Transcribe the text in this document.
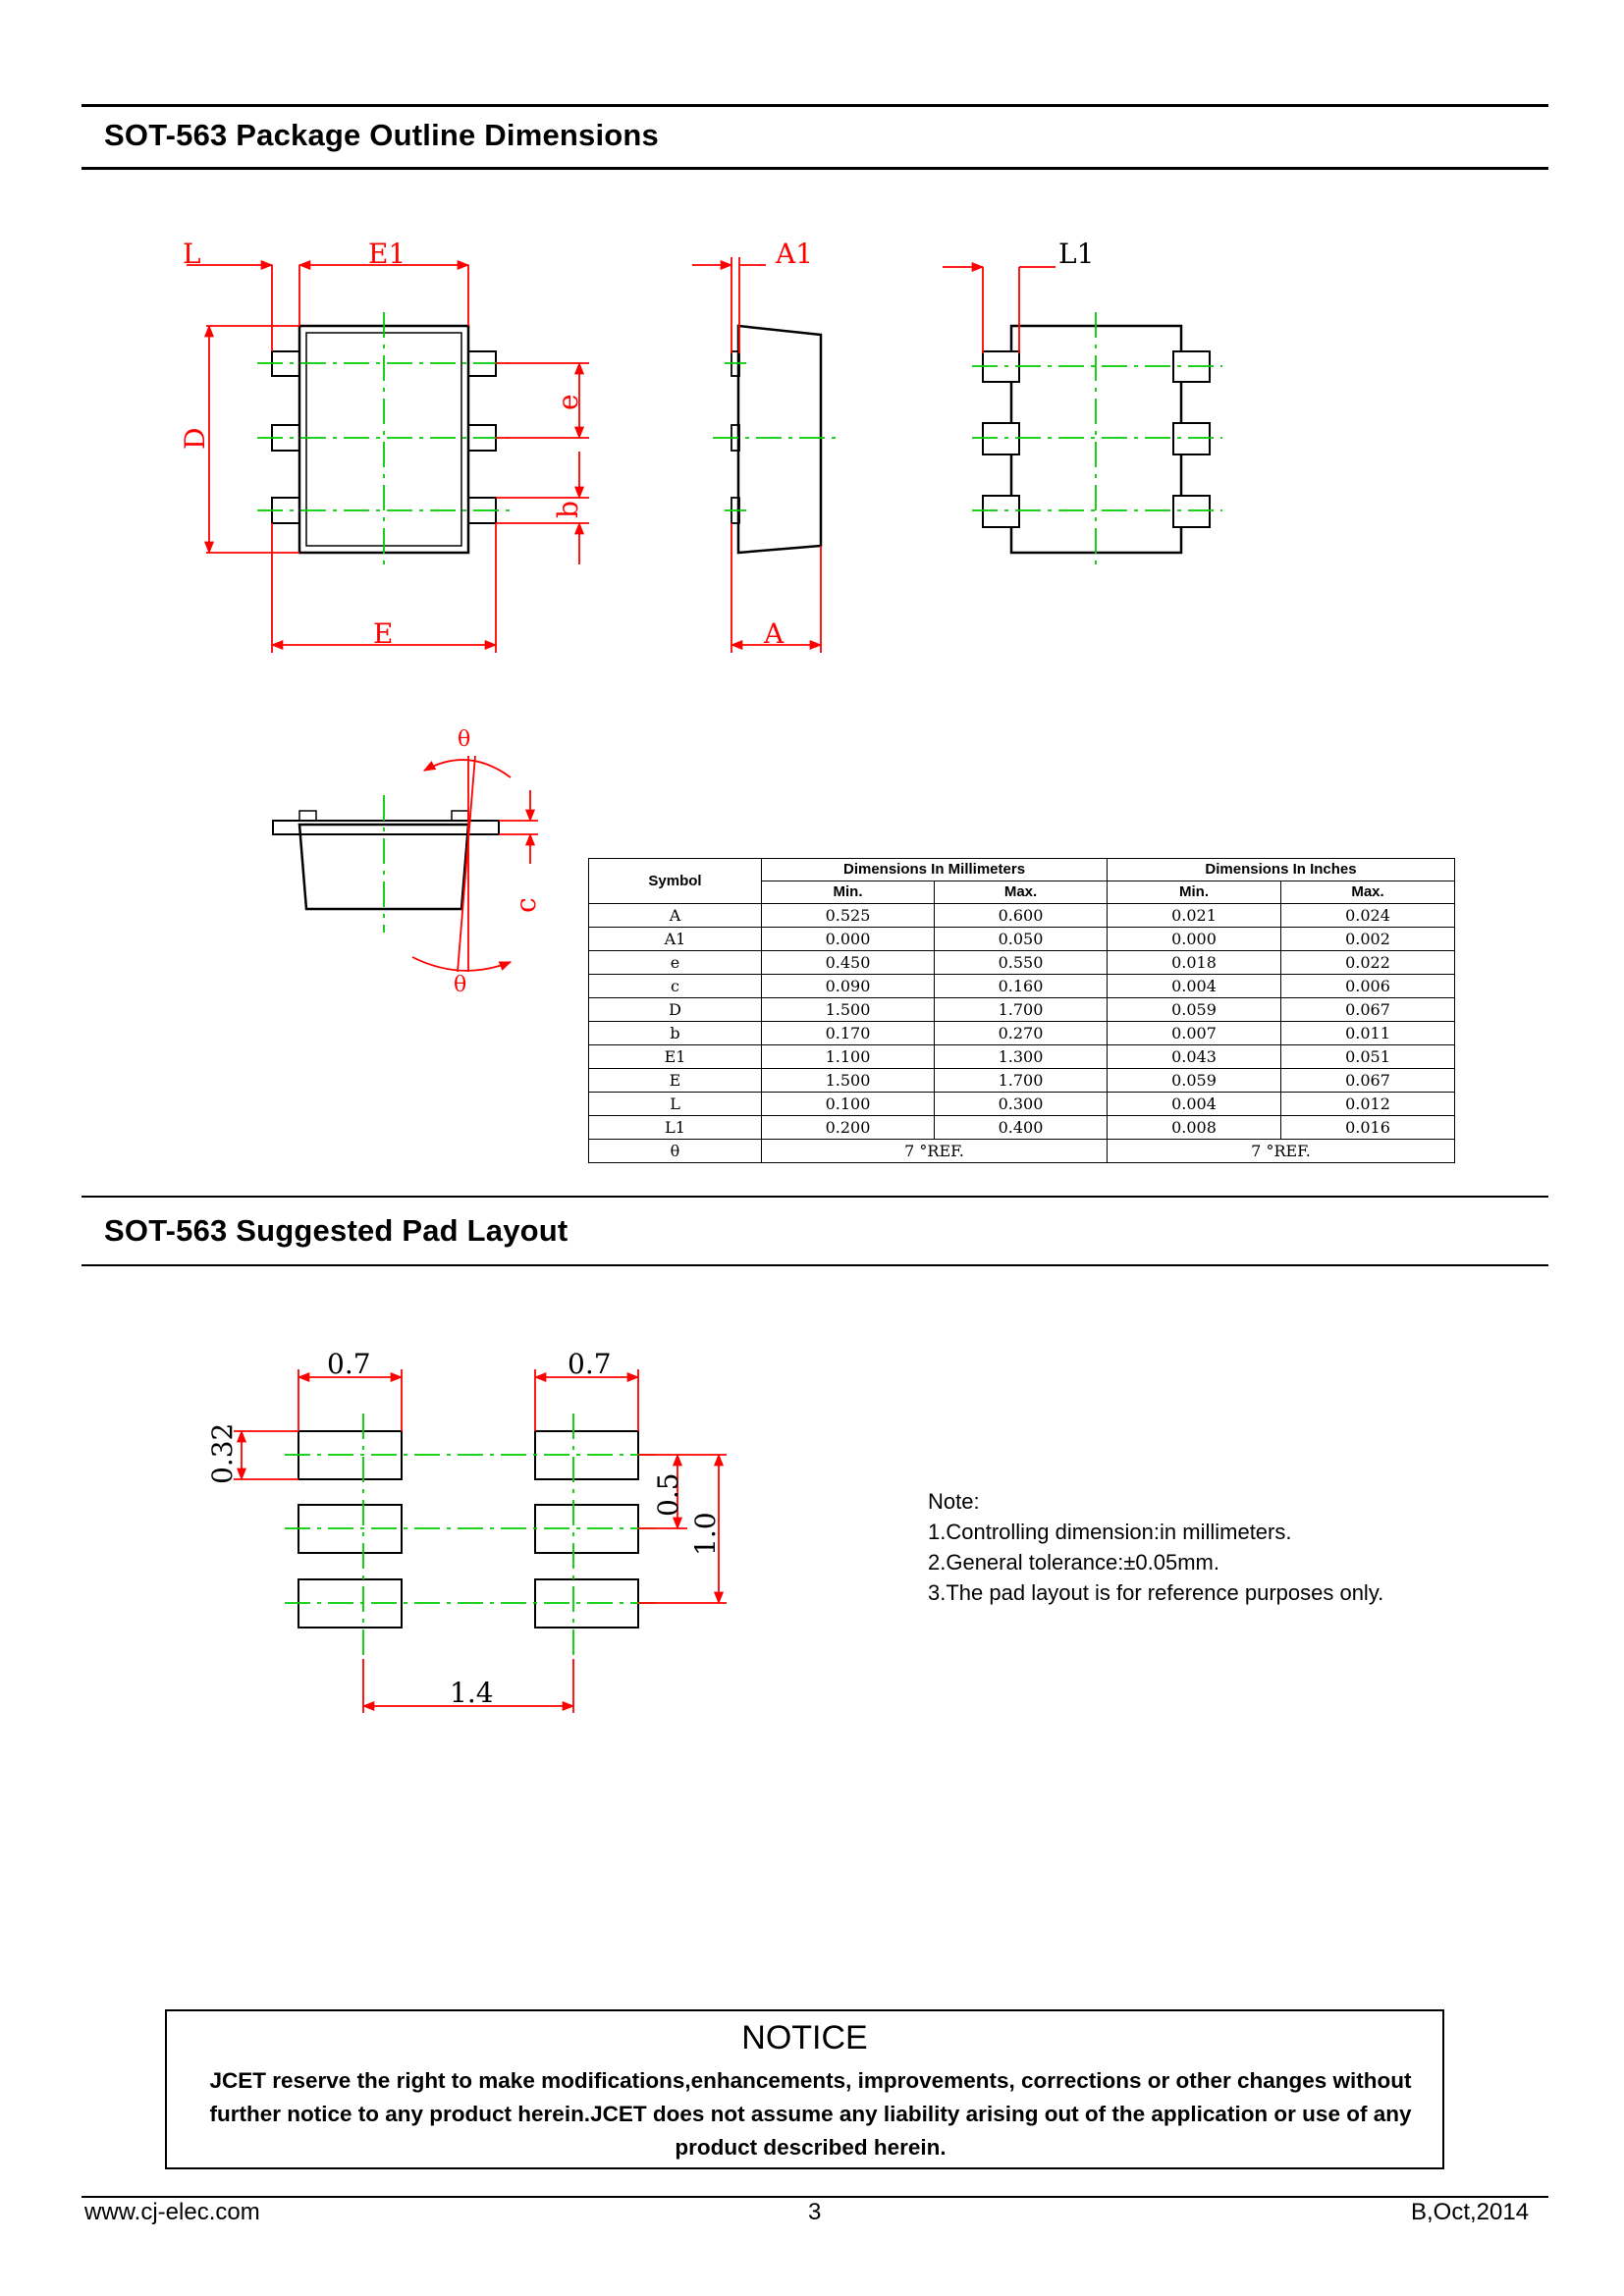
SOT-563 Package Outline Dimensions
SOT-563 Suggested Pad Layout
L	E1
D
E
e
b
A1
A
L1
θ
θ
c
0.7	0.7
0.32
0.5
1.0
1.4
Symbol	Dimensions In Millimeters		Dimensions In Inches	
	Min.	Max.	Min.	Max.
A	0.525	0.600	0.021	0.024
A1	0.000	0.050	0.000	0.002
e	0.450	0.550	0.018	0.022
c	0.090	0.160	0.004	0.006
D	1.500	1.700	0.059	0.067
b	0.170	0.270	0.007	0.011
E1	1.100	1.300	0.043	0.051
E	1.500	1.700	0.059	0.067
L	0.100	0.300	0.004	0.012
L1	0.200	0.400	0.008	0.016
θ	7 °REF.		7 °REF.	
Note:
1.Controlling dimension:in millimeters.
2.General tolerance:±0.05mm.
3.The pad layout is for reference purposes only.
NOTICE
JCET reserve the right to make modifications,enhancements, improvements, corrections or other changes without further notice to any product herein.JCET does not assume any liability arising out of the application or use of any product described herein.
www.cj-elec.com	3	B,Oct,2014
